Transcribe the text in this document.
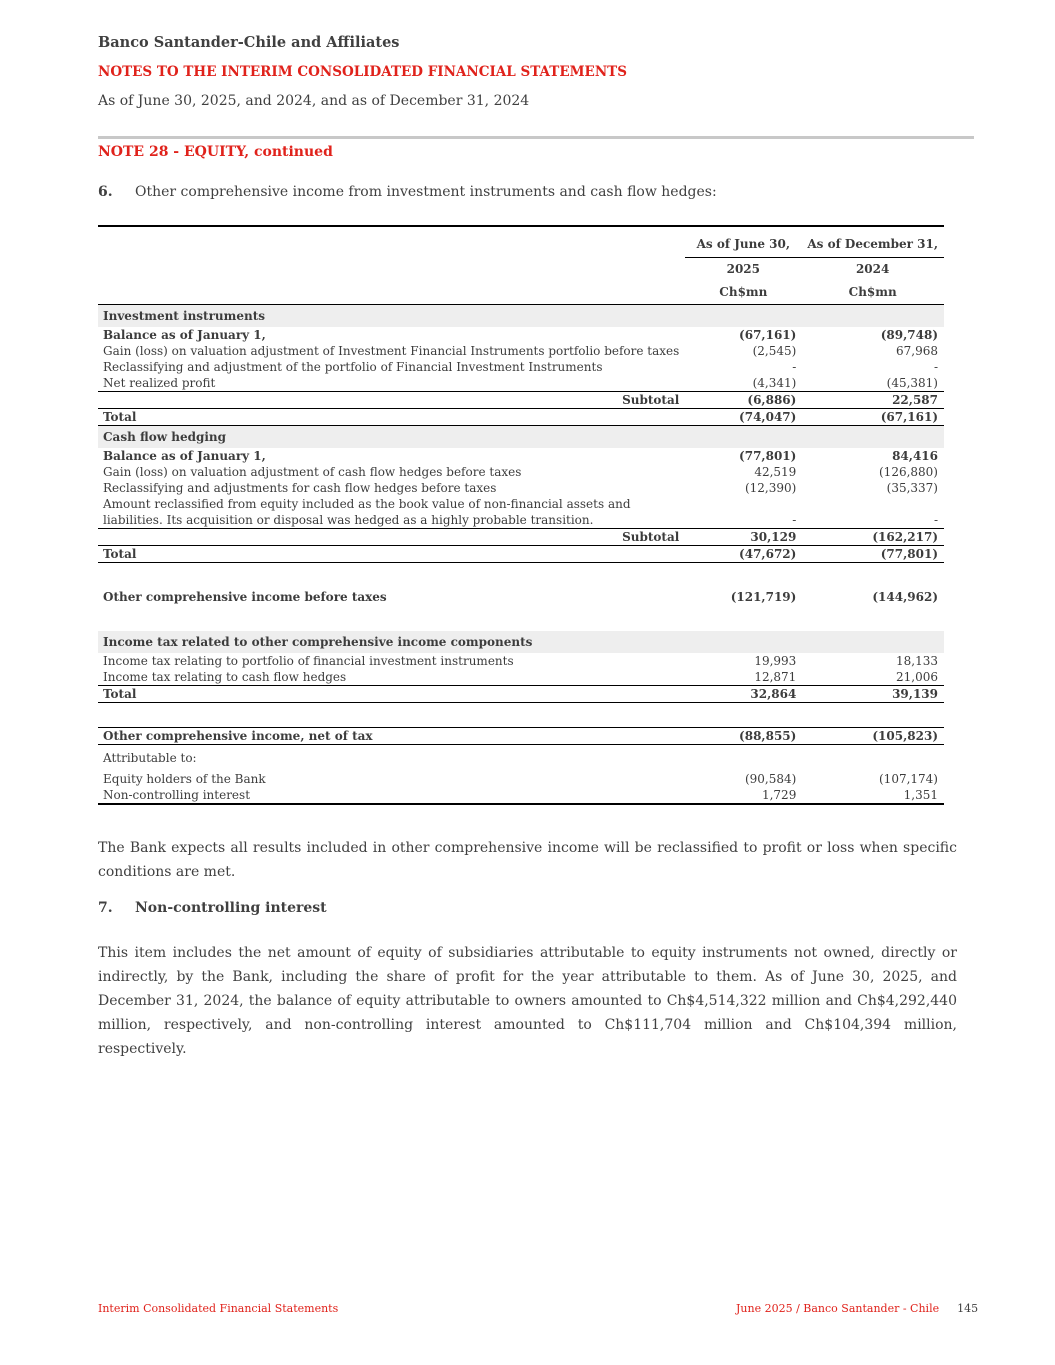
Banco Santander-Chile and Affiliates
NOTES TO THE INTERIM CONSOLIDATED FINANCIAL STATEMENTS
As of June 30, 2025, and 2024, and as of December 31, 2024
NOTE 28 - EQUITY, continued
6. Other comprehensive income from investment instruments and cash flow hedges:
	As of June 30,	As of December 31,
	2025	2024
	Ch$mn	Ch$mn
Investment instruments		
Balance as of January 1,	(67,161)	(89,748)
Gain (loss) on valuation adjustment of Investment Financial Instruments portfolio before taxes	(2,545)	67,968
Reclassifying and adjustment of the portfolio of Financial Investment Instruments	-	-
Net realized profit	(4,341)	(45,381)
Subtotal	(6,886)	22,587
Total	(74,047)	(67,161)
Cash flow hedging		
Balance as of January 1,	(77,801)	84,416
Gain (loss) on valuation adjustment of cash flow hedges before taxes	42,519	(126,880)
Reclassifying and adjustments for cash flow hedges before taxes	(12,390)	(35,337)
Amount reclassified from equity included as the book value of non-financial assets and liabilities. Its acquisition or disposal was hedged as a highly probable transition.	-	-
Subtotal	30,129	(162,217)
Total	(47,672)	(77,801)

Other comprehensive income before taxes	(121,719)	(144,962)

Income tax related to other comprehensive income components		
Income tax relating to portfolio of financial investment instruments	19,993	18,133
Income tax relating to cash flow hedges	12,871	21,006
Total	32,864	39,139

Other comprehensive income, net of tax	(88,855)	(105,823)
Attributable to:		
Equity holders of the Bank	(90,584)	(107,174)
Non-controlling interest	1,729	1,351
The Bank expects all results included in other comprehensive income will be reclassified to profit or loss when specific conditions are met.
7. Non-controlling interest
This item includes the net amount of equity of subsidiaries attributable to equity instruments not owned, directly or indirectly, by the Bank, including the share of profit for the year attributable to them. As of June 30, 2025, and December 31, 2024, the balance of equity attributable to owners amounted to Ch$4,514,322 million and Ch$4,292,440 million, respectively, and non-controlling interest amounted to Ch$111,704 million and Ch$104,394 million, respectively.
Interim Consolidated Financial Statements	June 2025 / Banco Santander - Chile 145
